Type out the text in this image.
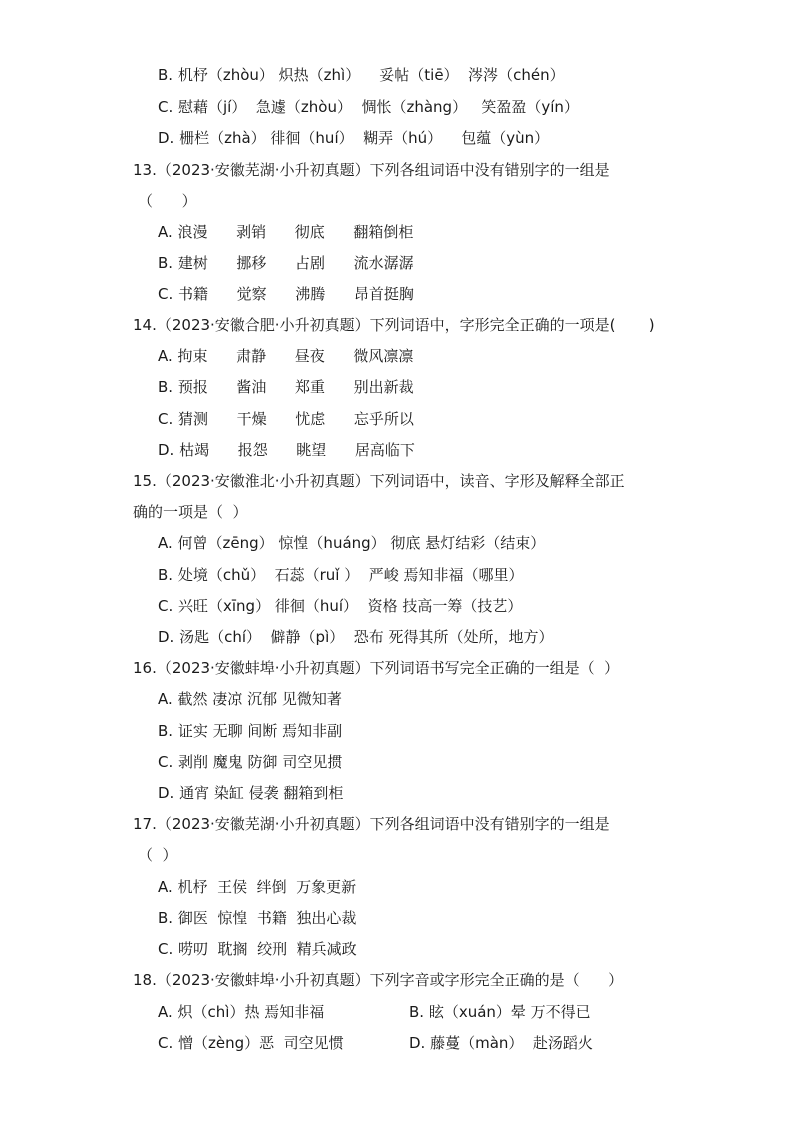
B. 机杼（zhòu） 炽热（zhì）    妥帖（tiē）  涔涔（chén）
C. 慰藉（jí）  急遽（zhòu）  惆怅（zhàng）   笑盈盈（yín）
D. 栅栏（zhà） 徘徊（huí）  糊弄（hú）    包蕴（yùn）
13.（2023·安徽芜湖·小升初真题）下列各组词语中没有错别字的一组是
（      ）
A. 浪漫      剥销      彻底      翻箱倒柜
B. 建树      挪移      占剧      流水潺潺
C. 书籍      觉察      沸腾      昂首挺胸
14.（2023·安徽合肥·小升初真题）下列词语中，字形完全正确的一项是(       )
A. 拘束      肃静      昼夜      微风凛凛
B. 预报      酱油      郑重      别出新裁
C. 猜测      干燥      忧虑      忘乎所以
D. 枯竭      报怨      眺望      居高临下
15.（2023·安徽淮北·小升初真题）下列词语中，读音、字形及解释全部正
确的一项是（  ）
A. 何曾（zēng） 惊惶（huáng） 彻底 悬灯结彩（结束）
B. 处境（chǔ）  石蕊（ruǐ ）  严峻 焉知非福（哪里）
C. 兴旺（xīng） 徘徊（huí）  资格 技高一筹（技艺）
D. 汤匙（chí）  僻静（pì）  恐布 死得其所（处所，地方）
16.（2023·安徽蚌埠·小升初真题）下列词语书写完全正确的一组是（  ）
A. 截然 凄凉 沉郁 见微知著
B. 证实 无聊 间断 焉知非副
C. 剥削 魔鬼 防御 司空见掼
D. 通宵 染缸 侵袭 翻箱到柜
17.（2023·安徽芜湖·小升初真题）下列各组词语中没有错别字的一组是
（  ）
A. 机杼  王侯  绊倒  万象更新
B. 御医  惊惶  书籍  独出心裁
C. 唠叨  耽搁  绞刑  精兵减政
18.（2023·安徽蚌埠·小升初真题）下列字音或字形完全正确的是（      ）
A. 炽（chì）热 焉知非福	B. 眩（xuán）晕 万不得已
C. 憎（zèng）恶  司空见惯	D. 藤蔓（màn）  赴汤蹈火
